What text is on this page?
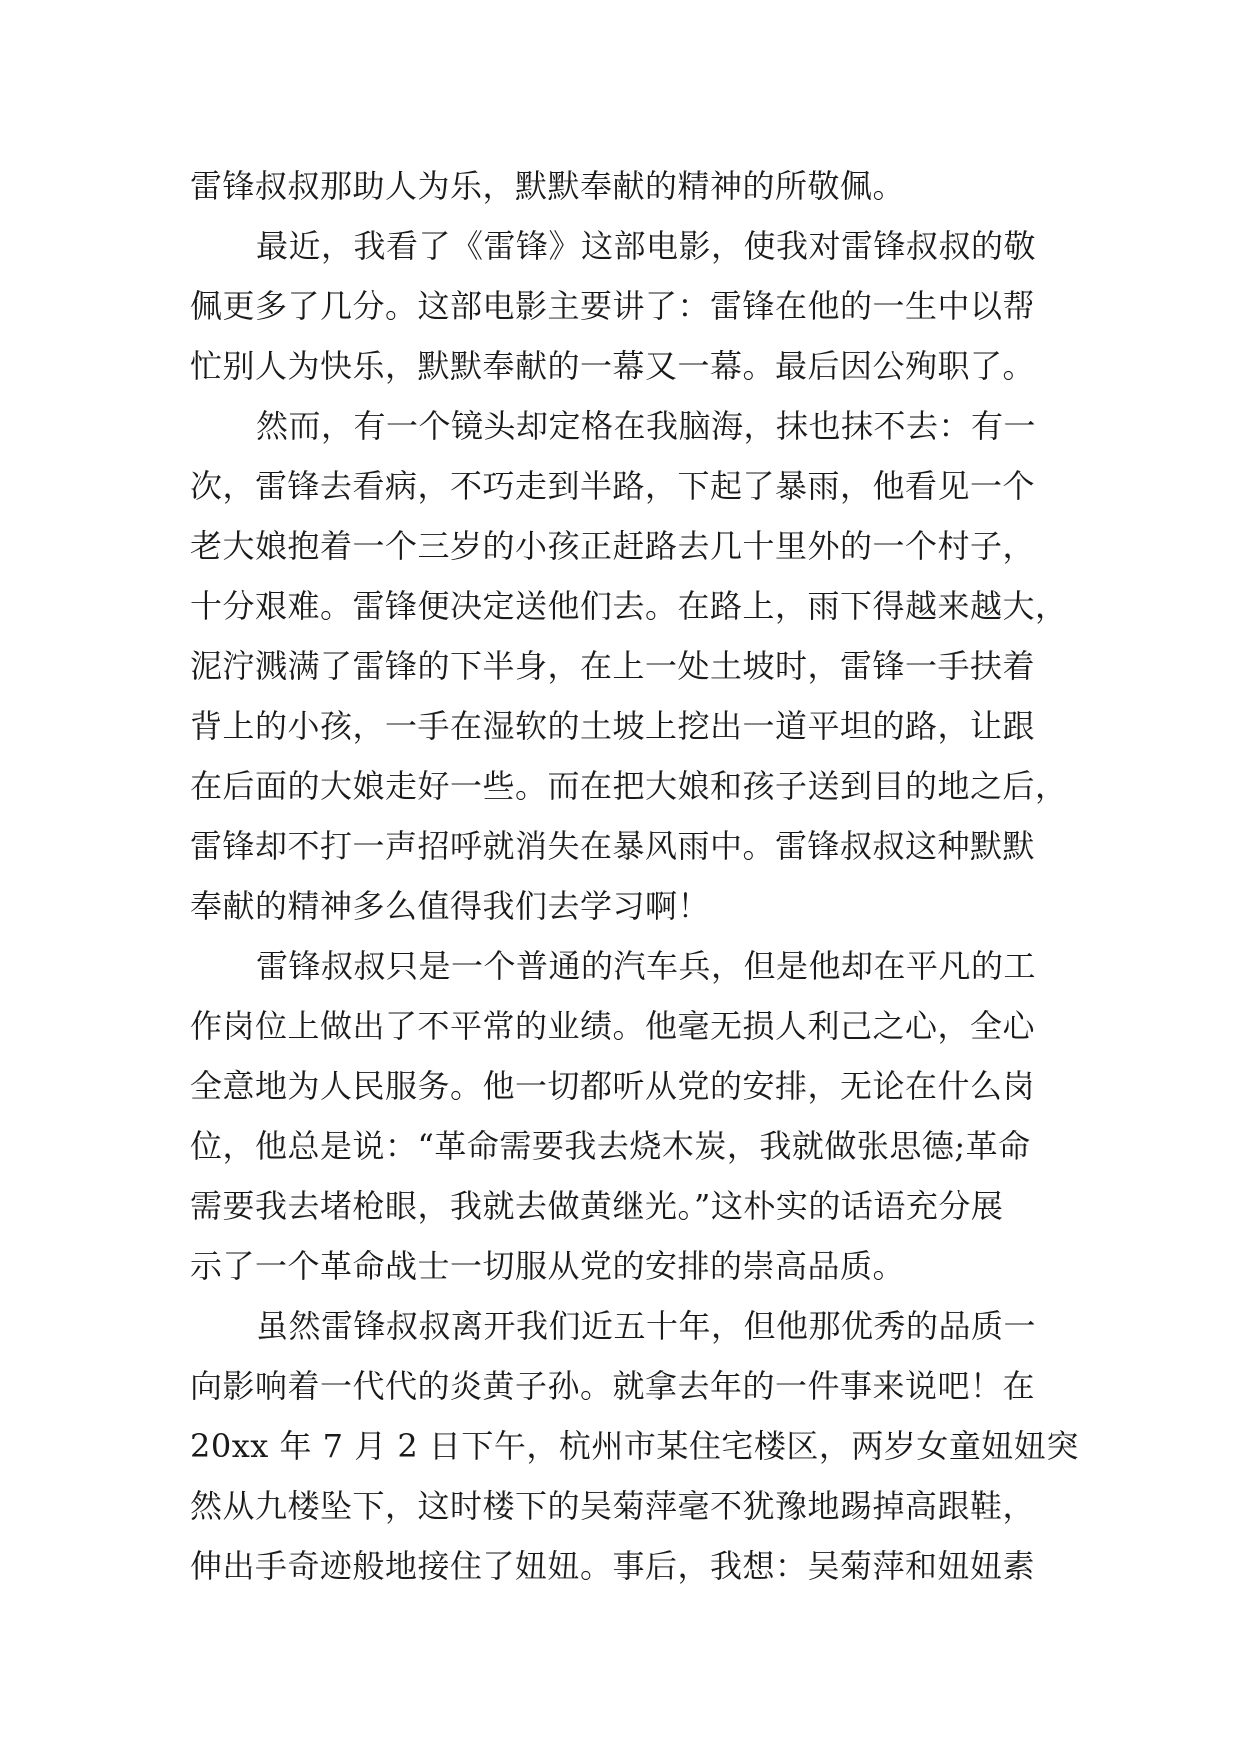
雷锋叔叔那助人为乐，默默奉献的精神的所敬佩。
最近，我看了《雷锋》这部电影，使我对雷锋叔叔的敬
佩更多了几分。这部电影主要讲了：雷锋在他的一生中以帮
忙别人为快乐，默默奉献的一幕又一幕。最后因公殉职了。
然而，有一个镜头却定格在我脑海，抹也抹不去：有一
次，雷锋去看病，不巧走到半路，下起了暴雨，他看见一个
老大娘抱着一个三岁的小孩正赶路去几十里外的一个村子，
十分艰难。雷锋便决定送他们去。在路上，雨下得越来越大，
泥泞溅满了雷锋的下半身，在上一处土坡时，雷锋一手扶着
背上的小孩，一手在湿软的土坡上挖出一道平坦的路，让跟
在后面的大娘走好一些。而在把大娘和孩子送到目的地之后，
雷锋却不打一声招呼就消失在暴风雨中。雷锋叔叔这种默默
奉献的精神多么值得我们去学习啊！
雷锋叔叔只是一个普通的汽车兵，但是他却在平凡的工
作岗位上做出了不平常的业绩。他毫无损人利己之心，全心
全意地为人民服务。他一切都听从党的安排，无论在什么岗
位，他总是说：“革命需要我去烧木炭，我就做张思德;革命
需要我去堵枪眼，我就去做黄继光。”这朴实的话语充分展
示了一个革命战士一切服从党的安排的崇高品质。
虽然雷锋叔叔离开我们近五十年，但他那优秀的品质一
向影响着一代代的炎黄子孙。就拿去年的一件事来说吧！在
20xx 年 7 月 2 日下午，杭州市某住宅楼区，两岁女童妞妞突
然从九楼坠下，这时楼下的吴菊萍毫不犹豫地踢掉高跟鞋，
伸出手奇迹般地接住了妞妞。事后，我想：吴菊萍和妞妞素
